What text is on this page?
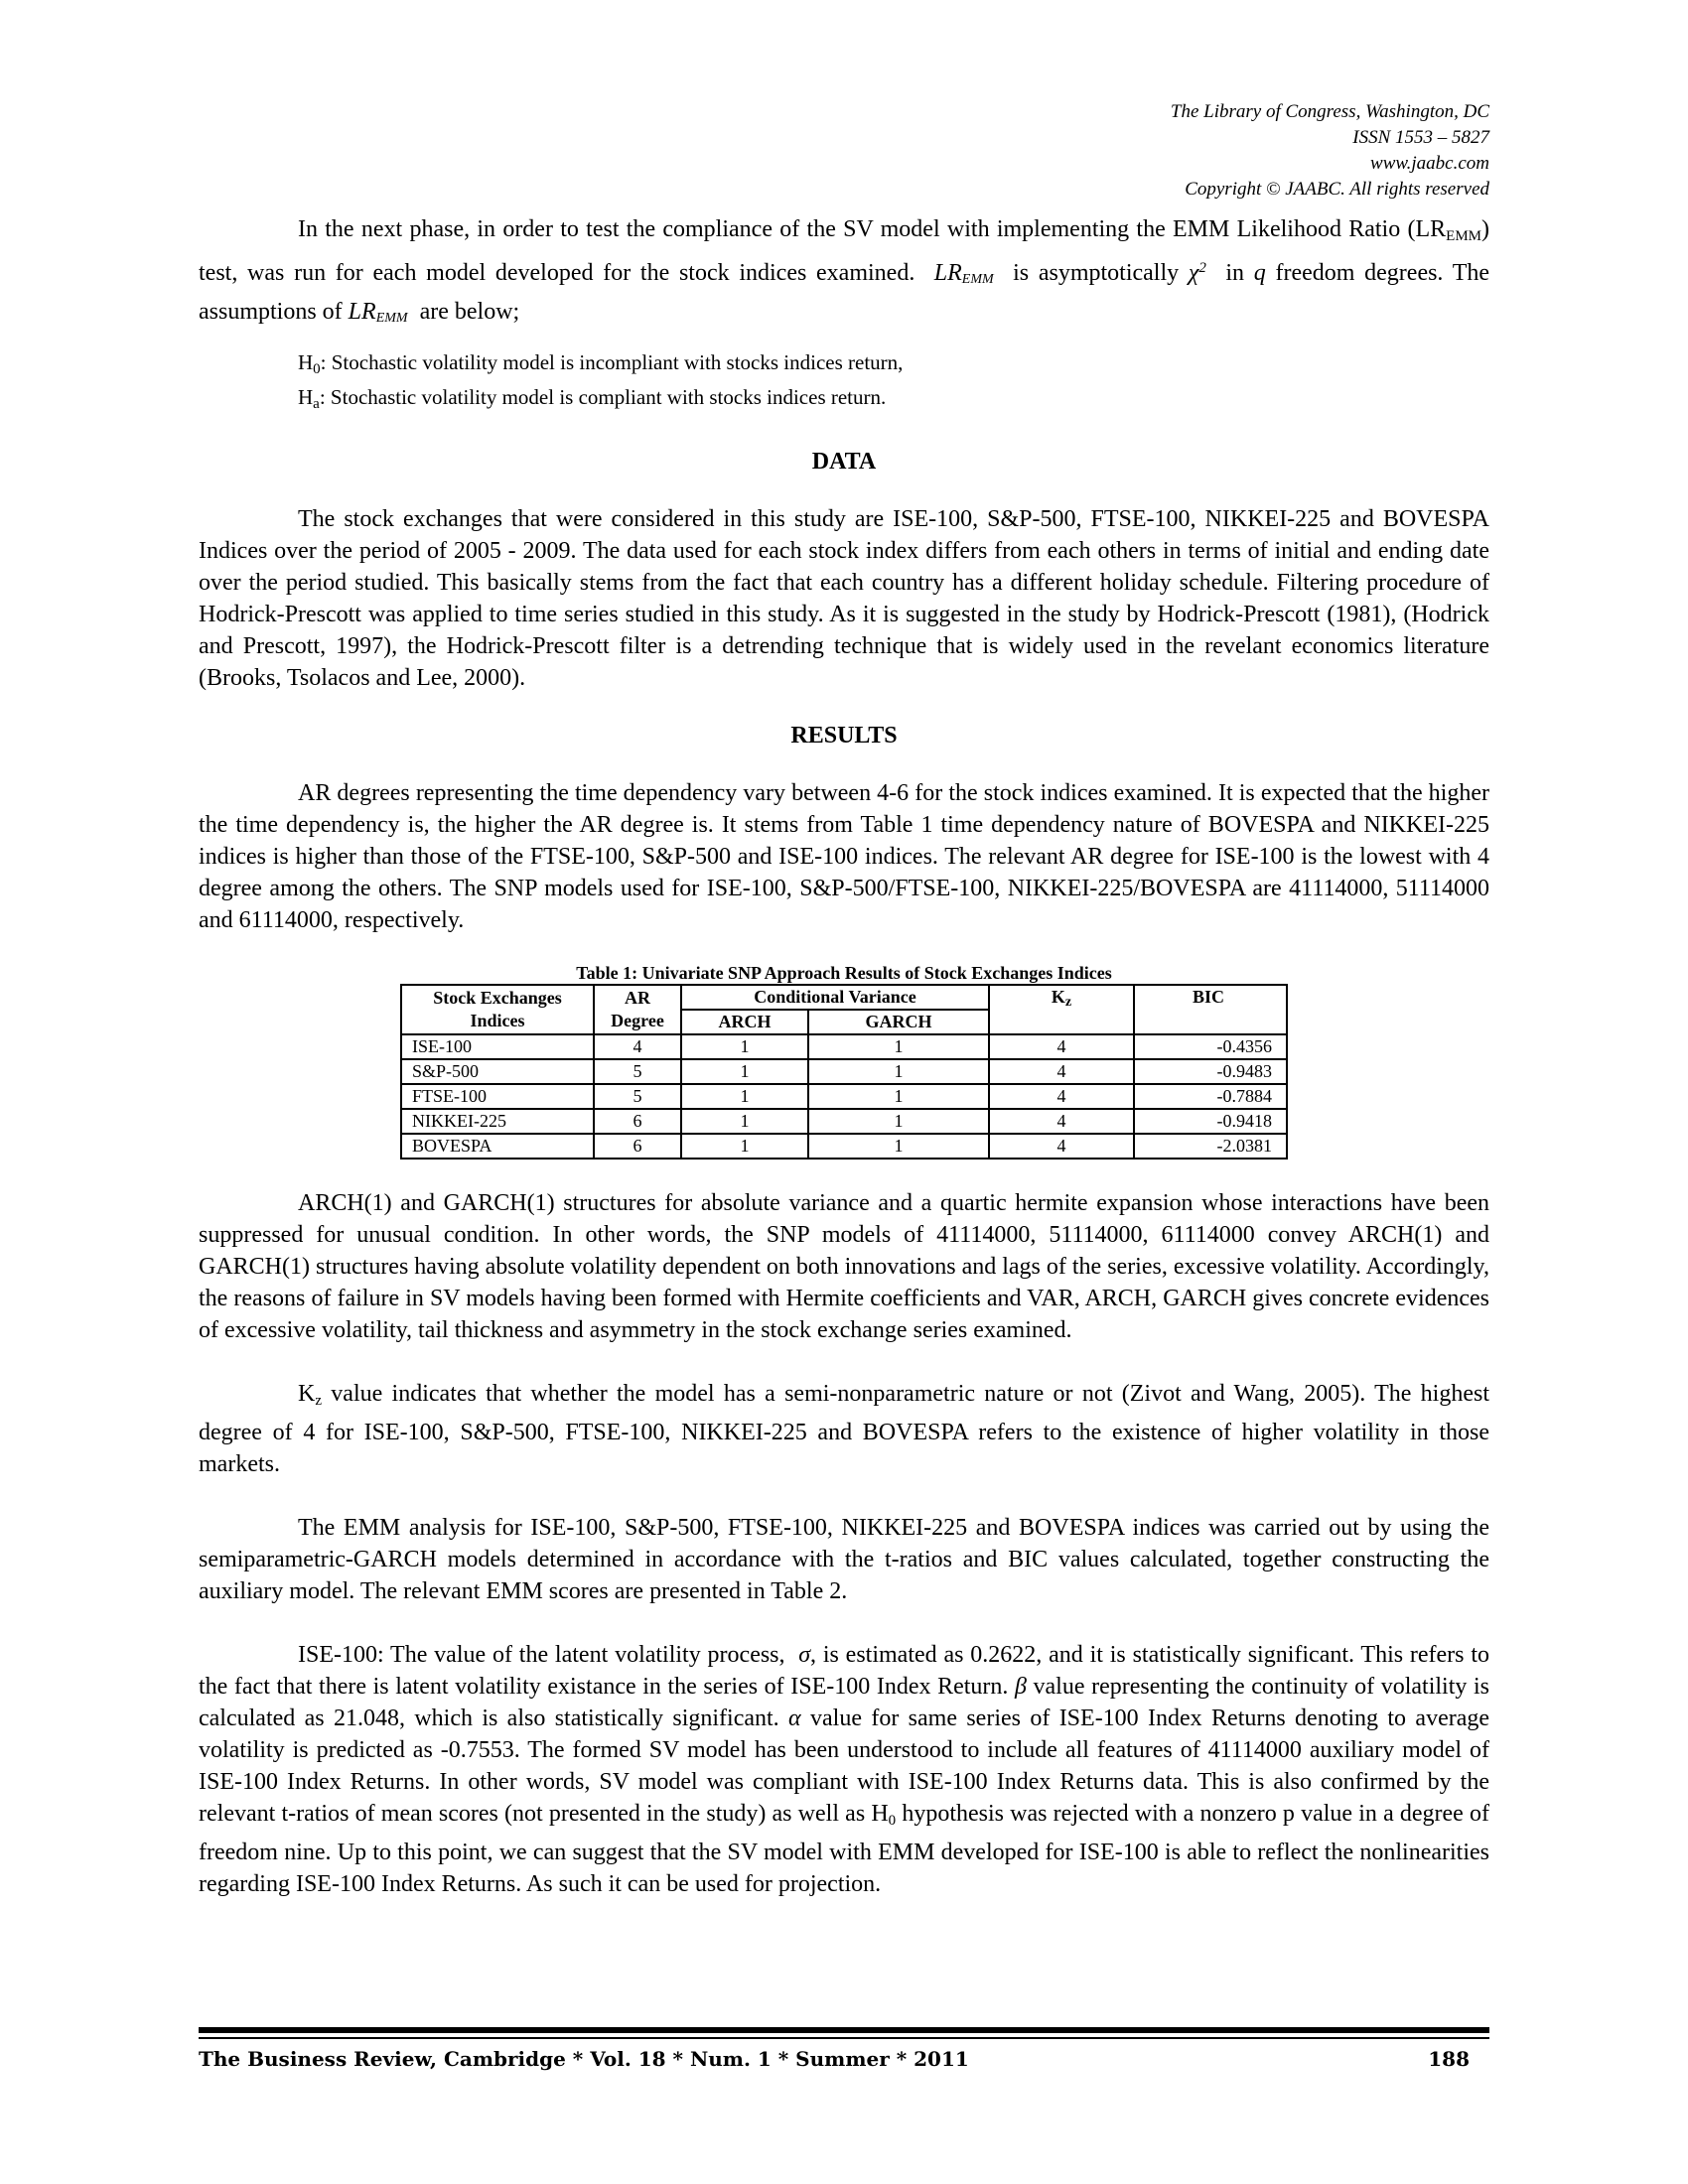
The Library of Congress, Washington, DC
ISSN 1553 – 5827
www.jaabc.com
Copyright © JAABC. All rights reserved

In the next phase, in order to test the compliance of the SV model with implementing the EMM Likelihood Ratio $(LR_{EMM})$ test, was run for each model developed for the stock indices examined. LREMM is asymptotically $\chi^2$ in q freedom degrees. The assumptions of LREMM are below;

$H_0$: Stochastic volatility model is incompliant with stocks indices return,
$H_a$: Stochastic volatility model is compliant with stocks indices return.
DATA

The stock exchanges that were considered in this study are ISE-100, S&P-500, FTSE-100, NIKKEI-225 and BOVESPA Indices over the period of 2005 - 2009. The data used for each stock index differs from each others in terms of initial and ending date over the period studied. This basically stems from the fact that each country has a different holiday schedule. Filtering procedure of Hodrick-Prescott was applied to time series studied in this study. As it is suggested in the study by Hodrick-Prescott (1981), (Hodrick and Prescott, 1997), the Hodrick-Prescott filter is a detrending technique that is widely used in the revelant economics literature (Brooks, Tsolacos and Lee, 2000).

RESULTS

AR degrees representing the time dependency vary between 4-6 for the stock indices examined. It is expected that the higher the time dependency is, the higher the AR degree is. It stems from Table 1 time dependency nature of BOVESPA and NIKKEI-225 indices is higher than those of the FTSE-100, S&P-500 and ISE-100 indices. The relevant AR degree for ISE-100 is the lowest with 4 degree among the others. The SNP models used for ISE-100, S&P-500/FTSE-100, NIKKEI-225/BOVESPA are 41114000, 51114000 and 61114000, respectively.

Table 1: Univariate SNP Approach Results of Stock Exchanges Indices
Stock Exchanges Indices	AR Degree	Conditional Variance		Kz	BIC
		ARCH	GARCH		
ISE-100	4	1	1	4	-0.4356
S&P-500	5	1	1	4	-0.9483
FTSE-100	5	1	1	4	-0.7884
NIKKEI-225	6	1	1	4	-0.9418
BOVESPA	6	1	1	4	-2.0381

ARCH(1) and GARCH(1) structures for absolute variance and a quartic hermite expansion whose interactions have been suppressed for unusual condition. In other words, the SNP models of 41114000, 51114000, 61114000 convey ARCH(1) and GARCH(1) structures having absolute volatility dependent on both innovations and lags of the series, excessive volatility. Accordingly, the reasons of failure in SV models having been formed with Hermite coefficients and VAR, ARCH, GARCH gives concrete evidences of excessive volatility, tail thickness and asymmetry in the stock exchange series examined.

$K_z$ value indicates that whether the model has a semi-nonparametric nature or not (Zivot and Wang, 2005). The highest degree of 4 for ISE-100, S&P-500, FTSE-100, NIKKEI-225 and BOVESPA refers to the existence of higher volatility in those markets.

The EMM analysis for ISE-100, S&P-500, FTSE-100, NIKKEI-225 and BOVESPA indices was carried out by using the semiparametric-GARCH models determined in accordance with the t-ratios and BIC values calculated, together constructing the auxiliary model. The relevant EMM scores are presented in Table 2.

ISE-100: The value of the latent volatility process, σ, is estimated as 0.2622, and it is statistically significant. This refers to the fact that there is latent volatility existance in the series of ISE-100 Index Return. β value representing the continuity of volatility is calculated as 21.048, which is also statistically significant. α value for same series of ISE-100 Index Returns denoting to average volatility is predicted as -0.7553. The formed SV model has been understood to include all features of 41114000 auxiliary model of ISE-100 Index Returns. In other words, SV model was compliant with ISE-100 Index Returns data. This is also confirmed by the relevant t-ratios of mean scores (not presented in the study) as well as $H_0$ hypothesis was rejected with a nonzero p value in a degree of freedom nine. Up to this point, we can suggest that the SV model with EMM developed for ISE-100 is able to reflect the nonlinearities regarding ISE-100 Index Returns. As such it can be used for projection.

The Business Review, Cambridge * Vol. 18 * Num. 1 * Summer * 2011	188
